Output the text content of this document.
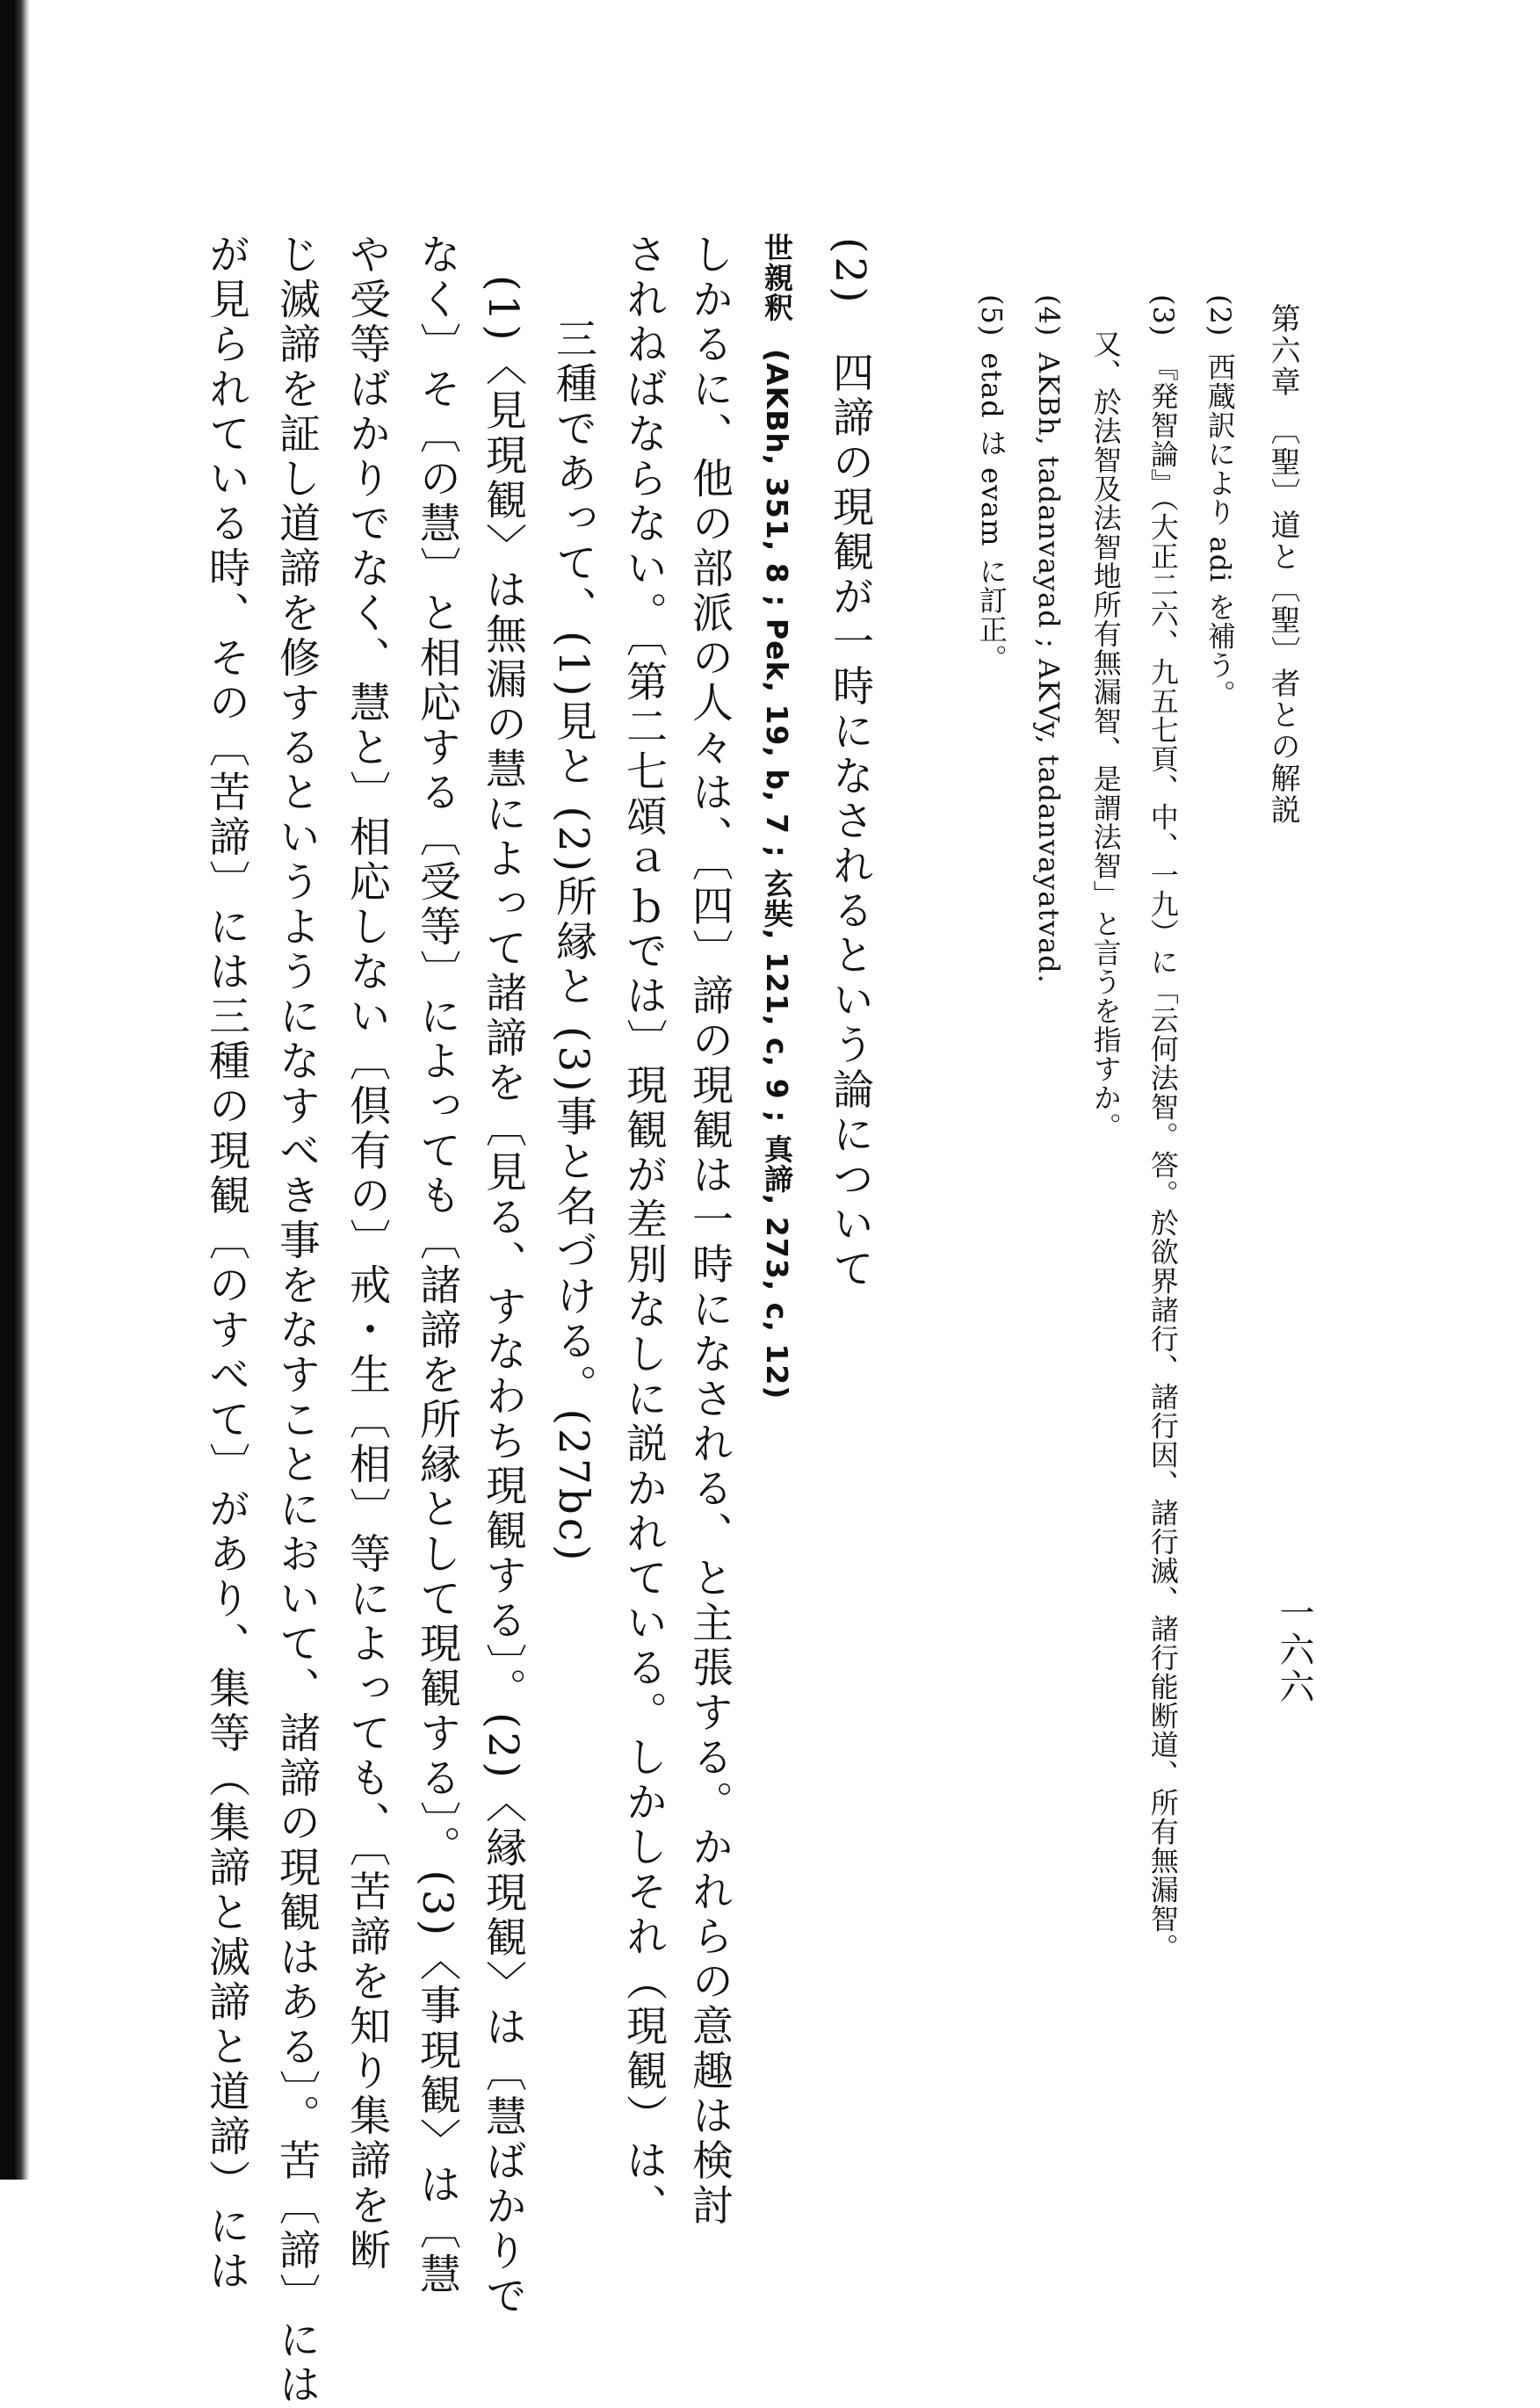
一六六
第六章　〔聖〕道と〔聖〕者との解説
(2)西蔵訳により adi を補う。
(3)『発智論』（大正二六、九五七頁、中、一九）に「云何法智。答。於欲界諸行、諸行因、諸行滅、諸行能断道、所有無漏智。
又、於法智及法智地所有無漏智、是謂法智」と言うを指すか。
(4)AKBh, tadanvayad ; AKVy, tadanvayatvad.
(5)etad は evam に訂正。
(2)　四諦の現観が一時になされるという論について
世親釈(AKBh, 351, 8 ; Pek, 19, b, 7 ; 玄奘, 121, c, 9 ; 真諦, 273, c, 12)
しかるに、他の部派の人々は、〔四〕諦の現観は一時になされる、と主張する。かれらの意趣は検討
されねばならない。〔第二七頌ａｂでは〕現観が差別なしに説かれている。しかしそれ（現観）は、
三種であって、(1)見と (2)所縁と (3)事と名づける。(27bc)
(1)〈見現観〉は無漏の慧によって諸諦を〔見る、すなわち現観する〕。(2)〈縁現観〉は〔慧ばかりで
なく〕そ〔の慧〕と相応する〔受等〕によっても〔諸諦を所縁として現観する〕。(3)〈事現観〉は〔慧
や受等ばかりでなく、慧と〕相応しない〔倶有の〕戒・生〔相〕等によっても、〔苦諦を知り集諦を断
じ滅諦を証し道諦を修するというようになすべき事をなすことにおいて、諸諦の現観はある〕。苦〔諦〕には
が見られている時、その〔苦諦〕には三種の現観〔のすべて〕があり、集等（集諦と滅諦と道諦）には
